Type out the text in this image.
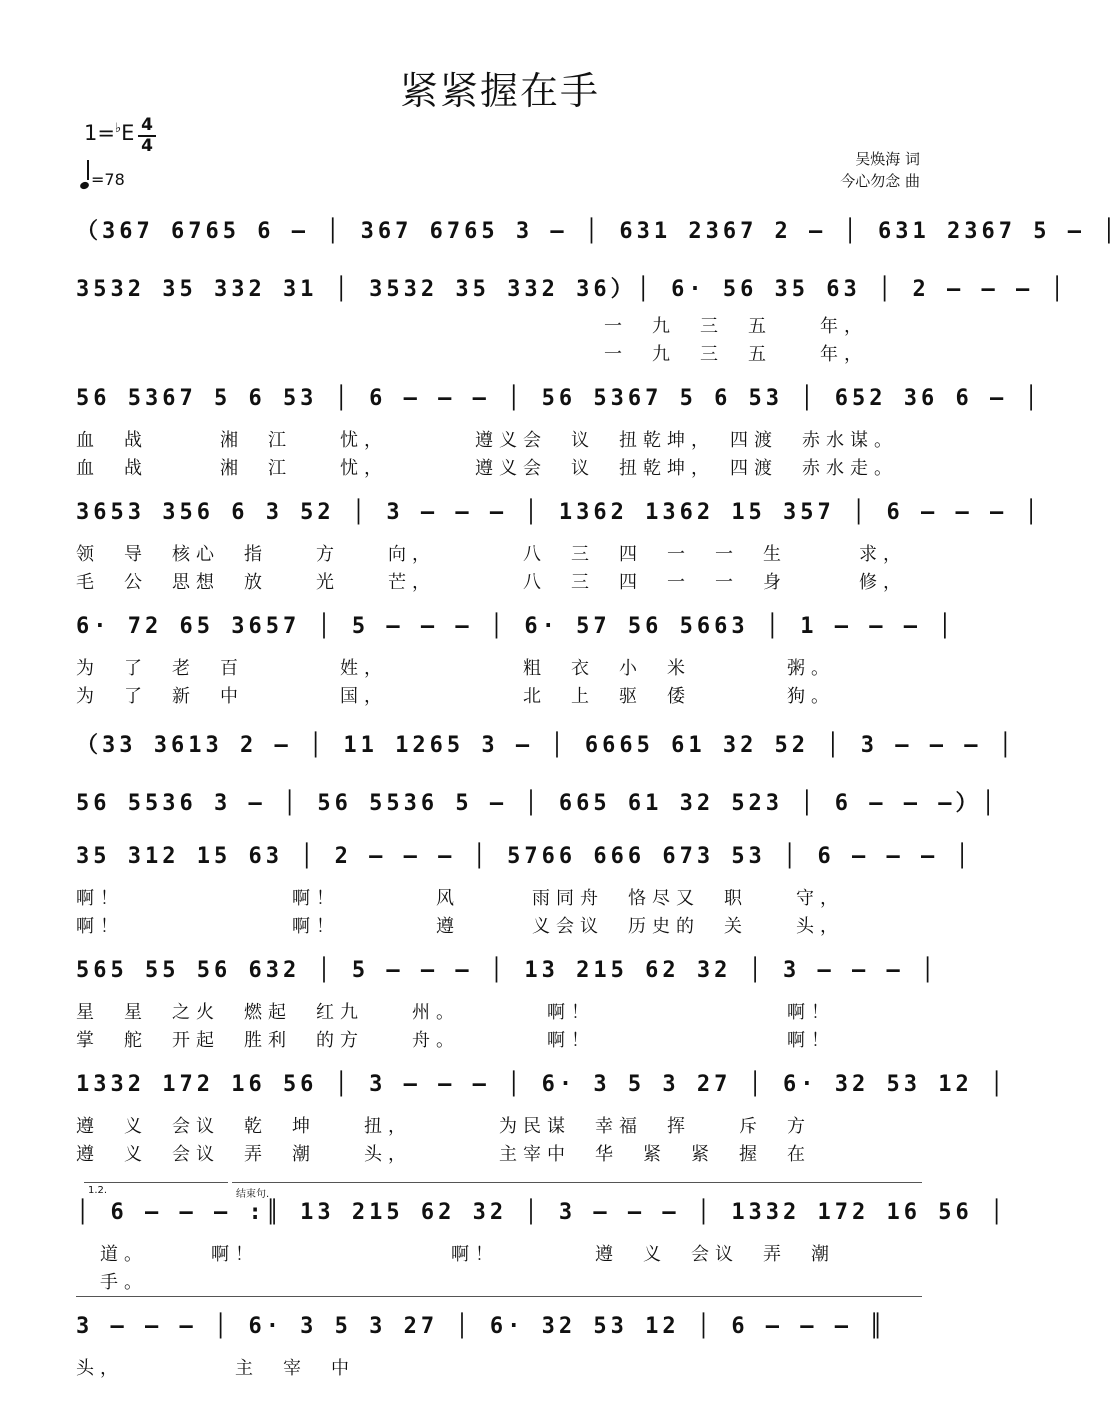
紧紧握在手
1=♭E 4
4
=78
吴焕海 词
今心勿念 曲
（367 6765 6 – │ 367 6765 3 – │ 631 2367 2 – │ 631 2367 5 – │
3532 35 332 31 │ 3532 35 332 36）│ 6· 56 35 63 │ 2 – – – │
一　九　三　五　　年，
一　九　三　五　　年，
56 5367 5 6 53 │ 6 – – – │ 56 5367 5 6 53 │ 652 36 6 – │
血　战　　　湘　江　　忧，　　　　遵义会　议　扭乾坤，　四渡　赤水谋。
血　战　　　湘　江　　忧，　　　　遵义会　议　扭乾坤，　四渡　赤水走。
3653 356 6 3 52 │ 3 – – – │ 1362 1362 15 357 │ 6 – – – │
领　导　核心　指　　方　　向，　　　　八　三　四　一　一　生　　　求，
毛　公　思想　放　　光　　芒，　　　　八　三　四　一　一　身　　　修，
6· 72 65 3657 │ 5 – – – │ 6· 57 56 5663 │ 1 – – – │
为　了　老　百　　　　姓，　　　　　　粗　衣　小　米　　　　粥。
为　了　新　中　　　　国，　　　　　　北　上　驱　倭　　　　狗。
（33 3613 2 – │ 11 1265 3 – │ 6665 61 32 52 │ 3 – – – │
56 5536 3 – │ 56 5536 5 – │ 665 61 32 523 │ 6 – – –）│
35 312 15 63 │ 2 – – – │ 5766 666 673 53 │ 6 – – – │
啊！　　　　　　　啊！　　　　风　　　雨同舟　恪尽又　职　　守，
啊！　　　　　　　啊！　　　　遵　　　义会议　历史的　关　　头，
565 55 56 632 │ 5 – – – │ 13 215 62 32 │ 3 – – – │
星　星　之火　燃起　红九　　州。　　　　啊！　　　　　　　　啊！
掌　舵　开起　胜利　的方　　舟。　　　　啊！　　　　　　　　啊！
1332 172 16 56 │ 3 – – – │ 6· 3 5 3 27 │ 6· 32 53 12 │
遵　义　会议　乾　坤　　扭，　　　　为民谋　幸福　挥　　斥　方
遵　义　会议　弄　潮　　头，　　　　主宰中　华　紧　紧　握　在
1.2.	结束句.
│ 6 – – – :║ 13 215 62 32 │ 3 – – – │ 1332 172 16 56 │
道。　　　啊！　　　　　　　　啊！　　　　遵　义　会议　弄　潮
手。
3 – – – │ 6· 3 5 3 27 │ 6· 32 53 12 │ 6 – – – ║
头，　　　　　主　宰　中
